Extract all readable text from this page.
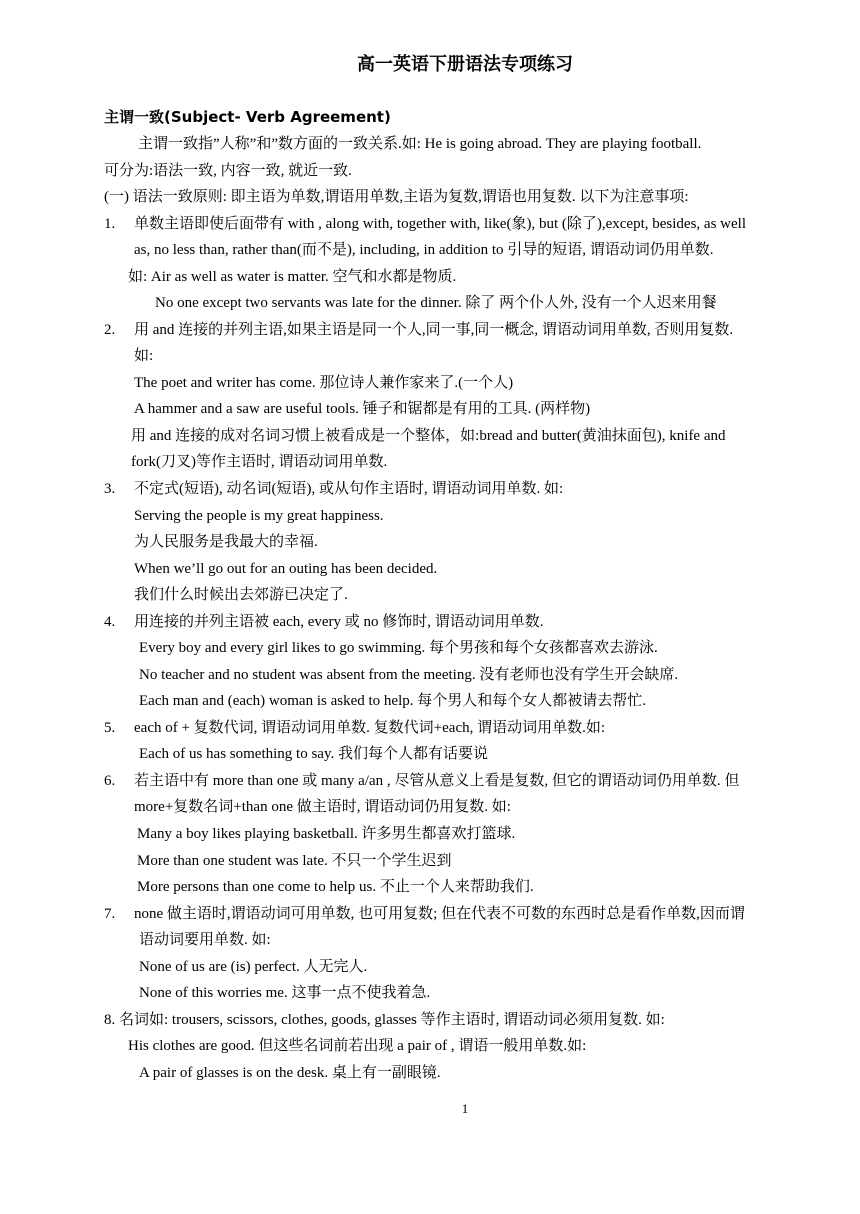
高一英语下册语法专项练习
主谓一致(Subject- Verb Agreement)
主谓一致指”人称”和”数方面的一致关系.如: He is going abroad. They are playing football.
可分为:语法一致, 内容一致, 就近一致.
(一) 语法一致原则: 即主语为单数,谓语用单数,主语为复数,谓语也用复数. 以下为注意事项:
1. 单数主语即使后面带有 with , along with, together with, like(象), but (除了),except, besides, as well
as, no less than, rather than(而不是), including, in addition to 引导的短语, 谓语动词仍用单数.
如: Air as well as water is matter. 空气和水都是物质.
No one except two servants was late for the dinner. 除了 两个仆人外, 没有一个人迟来用餐
2. 用 and 连接的并列主语,如果主语是同一个人,同一事,同一概念, 谓语动词用单数, 否则用复数.
如:
The poet and writer has come. 那位诗人兼作家来了.(一个人)
A hammer and a saw are useful tools. 锤子和锯都是有用的工具. (两样物)
用 and 连接的成对名词习惯上被看成是一个整体，如:bread and butter(黄油抹面包), knife and
fork(刀叉)等作主语时, 谓语动词用单数.
3. 不定式(短语), 动名词(短语), 或从句作主语时, 谓语动词用单数. 如:
Serving the people is my great happiness.
为人民服务是我最大的幸福.
When we’ll go out for an outing has been decided.
我们什么时候出去郊游已决定了.
4. 用连接的并列主语被 each, every 或 no 修饰时, 谓语动词用单数.
Every boy and every girl likes to go swimming. 每个男孩和每个女孩都喜欢去游泳.
No teacher and no student was absent from the meeting. 没有老师也没有学生开会缺席.
Each man and (each) woman is asked to help. 每个男人和每个女人都被请去帮忙.
5. each of + 复数代词, 谓语动词用单数. 复数代词+each, 谓语动词用单数.如:
Each of us has something to say. 我们每个人都有话要说
6. 若主语中有 more than one 或 many a/an , 尽管从意义上看是复数, 但它的谓语动词仍用单数. 但
more+复数名词+than one 做主语时, 谓语动词仍用复数. 如:
Many a boy likes playing basketball. 许多男生都喜欢打篮球.
More than one student was late. 不只一个学生迟到
More persons than one come to help us. 不止一个人来帮助我们.
7. none 做主语时,谓语动词可用单数, 也可用复数; 但在代表不可数的东西时总是看作单数,因而谓
语动词要用单数. 如:
None of us are (is) perfect. 人无完人.
None of this worries me. 这事一点不使我着急.
8. 名词如: trousers, scissors, clothes, goods, glasses 等作主语时, 谓语动词必须用复数. 如:
His clothes are good. 但这些名词前若出现 a pair of , 谓语一般用单数.如:
A pair of glasses is on the desk. 桌上有一副眼镜.
1
